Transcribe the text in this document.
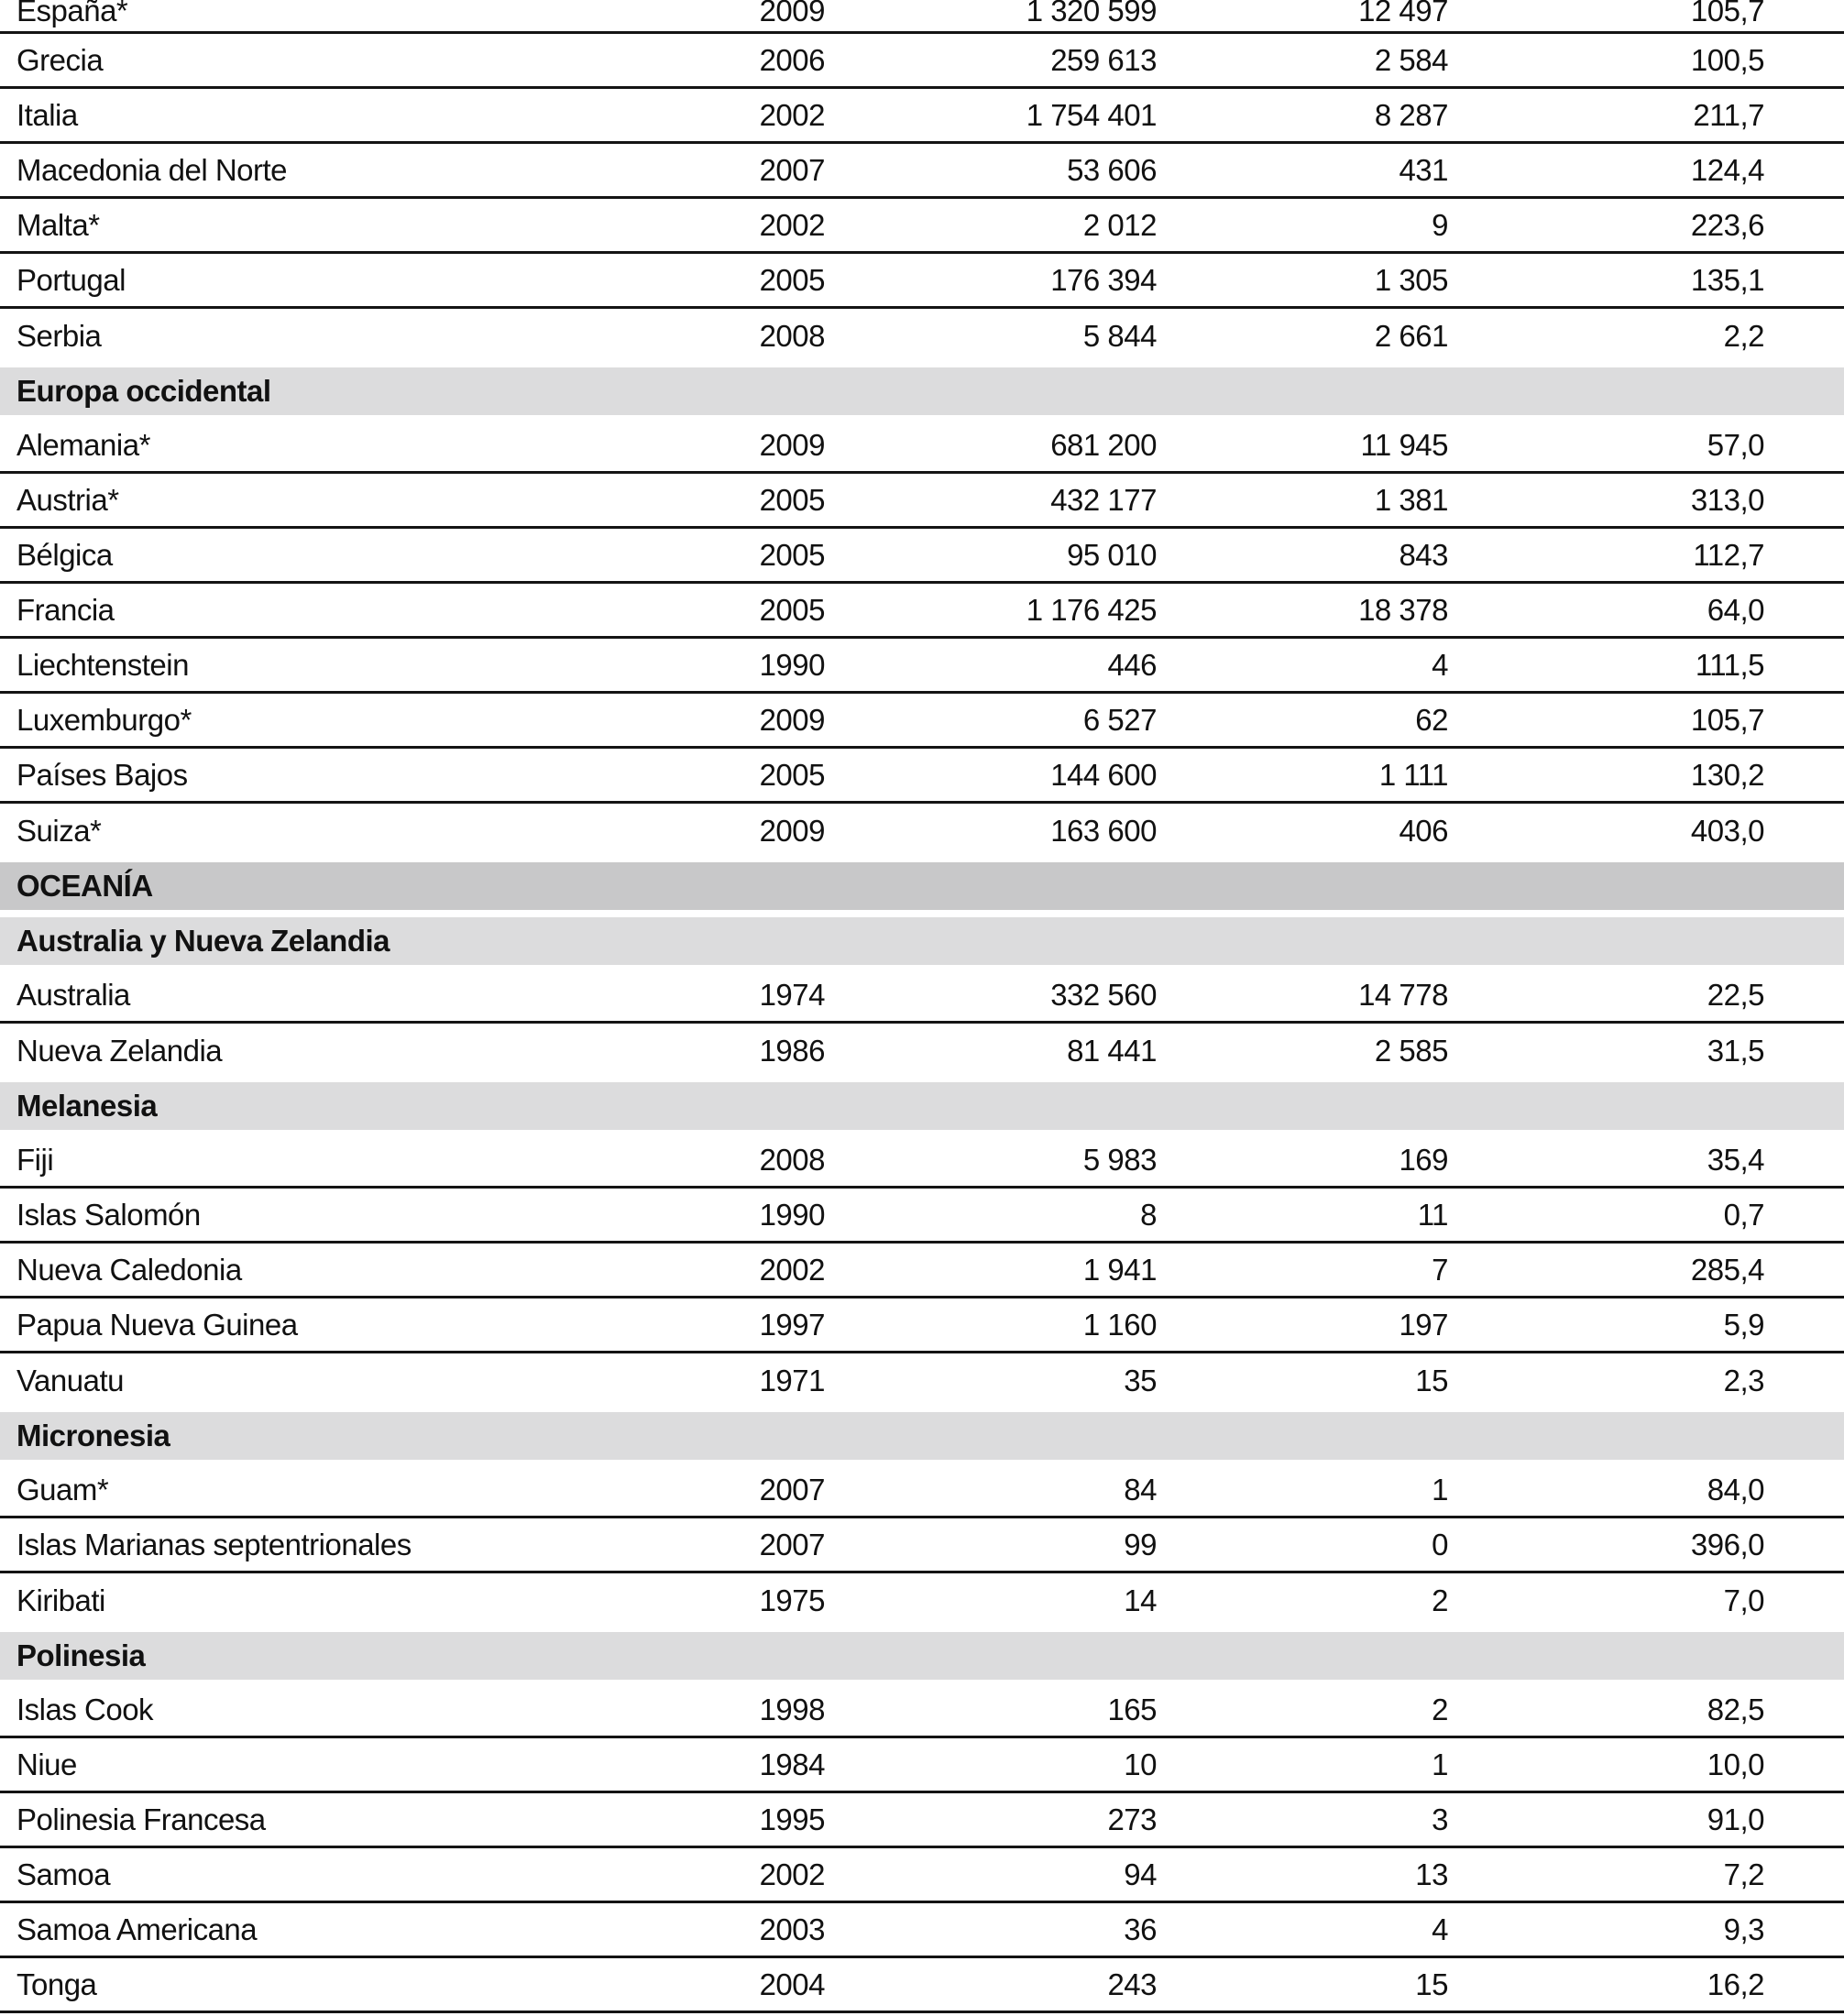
España*	2009	1 320 599	12 497	105,7
Grecia	2006	259 613	2 584	100,5
Italia	2002	1 754 401	8 287	211,7
Macedonia del Norte	2007	53 606	431	124,4
Malta*	2002	2 012	9	223,6
Portugal	2005	176 394	1 305	135,1
Serbia	2008	5 844	2 661	2,2
Europa occidental
Alemania*	2009	681 200	11 945	57,0
Austria*	2005	432 177	1 381	313,0
Bélgica	2005	95 010	843	112,7
Francia	2005	1 176 425	18 378	64,0
Liechtenstein	1990	446	4	111,5
Luxemburgo*	2009	6 527	62	105,7
Países Bajos	2005	144 600	1 111	130,2
Suiza*	2009	163 600	406	403,0
OCEANÍA
Australia y Nueva Zelandia
Australia	1974	332 560	14 778	22,5
Nueva Zelandia	1986	81 441	2 585	31,5
Melanesia
Fiji	2008	5 983	169	35,4
Islas Salomón	1990	8	11	0,7
Nueva Caledonia	2002	1 941	7	285,4
Papua Nueva Guinea	1997	1 160	197	5,9
Vanuatu	1971	35	15	2,3
Micronesia
Guam*	2007	84	1	84,0
Islas Marianas septentrionales	2007	99	0	396,0
Kiribati	1975	14	2	7,0
Polinesia
Islas Cook	1998	165	2	82,5
Niue	1984	10	1	10,0
Polinesia Francesa	1995	273	3	91,0
Samoa	2002	94	13	7,2
Samoa Americana	2003	36	4	9,3
Tonga	2004	243	15	16,2
